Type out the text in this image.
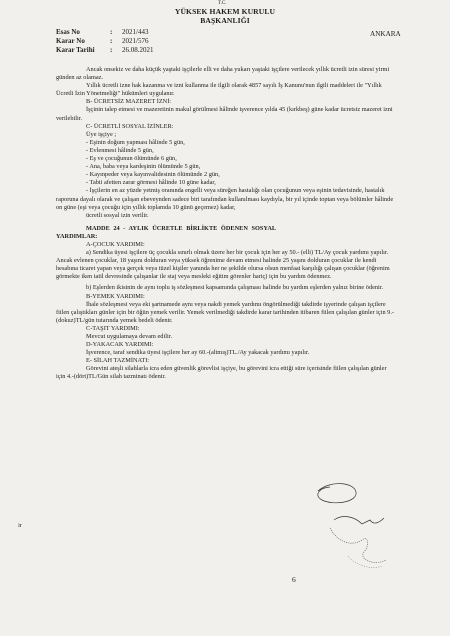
T.C.
YÜKSEK HAKEM KURULU
BAŞKANLIĞI
Esas No	:	2021/443
Karar No	:	2021/576
Karar Tarihi	:	26.08.2021
ANKARA

Ancak onsekiz ve daha küçük yaştaki işçilerle elli ve daha yukarı yaştaki işçilere verilecek yıllık ücretli izin süresi yirmi günden az olamaz.

Yıllık ücretli izne hak kazanma ve izni kullanma ile ilgili olarak 4857 sayılı İş Kanunu'nun ilgili maddeleri ile "Yıllık Ücretli İzin Yönetmeliği" hükümleri uygulanır.

B- ÜCRETSİZ MAZERET İZNİ:

İşçinin talep etmesi ve mazeretinin makul görülmesi hâlinde işverence yılda 45 (kırkbeş) güne kadar ücretsiz mazeret izni verilebilir.

C- ÜCRETLİ SOSYAL İZİNLER:

Üye işçiye ;

- Eşinin doğum yapması hâlinde 5 gün,

- Evlenmesi hâlinde 5 gün,

- Eş ve çocuğunun ölümünde 6 gün,

- Ana, baba veya kardeşinin ölümünde 5 gün,

- Kayınpeder veya kayınvalidesinin ölümünde 2 gün,

- Tabii afetten zarar görmesi hâlinde 10 güne kadar,

- İşçilerin en az yüzde yetmiş oranında engelli veya süreğen hastalığı olan çocuğunun veya eşinin tedavisinde, hastalık raporuna dayalı olarak ve çalışan ebeveynden sadece biri tarafından kullanılması kaydıyla, bir yıl içinde toptan veya bölümler hâlinde on güne (eşi veya çocuğu için yıllık toplamda 10 günü geçemez) kadar,

ücretli sosyal izin verilir.

MADDE 24 - AYLIK ÜCRETLE BİRLİKTE ÖDENEN SOSYAL

YARDIMLAR:

A-ÇOCUK YARDIMI:

a) Sendika üyesi işçilere üç çocukla sınırlı olmak üzere her bir çocuk için her ay 50.- (elli) TL/Ay çocuk yardımı yapılır. Ancak evlenen çocuklar, 18 yaşını dolduran veya yüksek öğrenime devam etmesi halinde 25 yaşını dolduran çocuklar ile kendi hesabına ticaret yapan veya gerçek veya tüzel kişiler yanında her ne şekilde olursa olsun menfaat karşılığı çalışan çocuklar (öğrenim görmekte iken tatil devresinde çalışanlar ile staj veya mesleki eğitim görenler hariç) için bu yardım ödenmez.

b) Eşlerden ikisinin de aynı toplu iş sözleşmesi kapsamında çalışması halinde bu yardım eşlerden yalnız birine ödenir.

B-YEMEK YARDIMI:

İhale sözleşmesi veya eki şartnamede aynı veya nakdi yemek yardımı öngörülmediği takdirde işyerinde çalışan işçilere fiilen çalıştıkları günler için bir öğün yemek verilir. Yemek verilmediği takdirde karar tarihinden itibaren fiilen çalışılan günler için 9.-(dokuz)TL/gün tutarında yemek bedeli ödenir.

C-TAŞIT YARDIMI:

Mevcut uygulamaya devam edilir.

D-YAKACAK YARDIMI:

İşverence, taraf sendika üyesi işçilere her ay 60.-(altmış)TL./Ay yakacak yardımı yapılır.

E- SİLAH TAZMİNATI:

Görevini ateşli silahlarla icra eden güvenlik görevlisi işçiye, bu görevini icra ettiği süre içerisinde fiilen çalışılan günler için 4.-(dört)TL/Gün silah tazminatı ödenir.

ʇr
6
